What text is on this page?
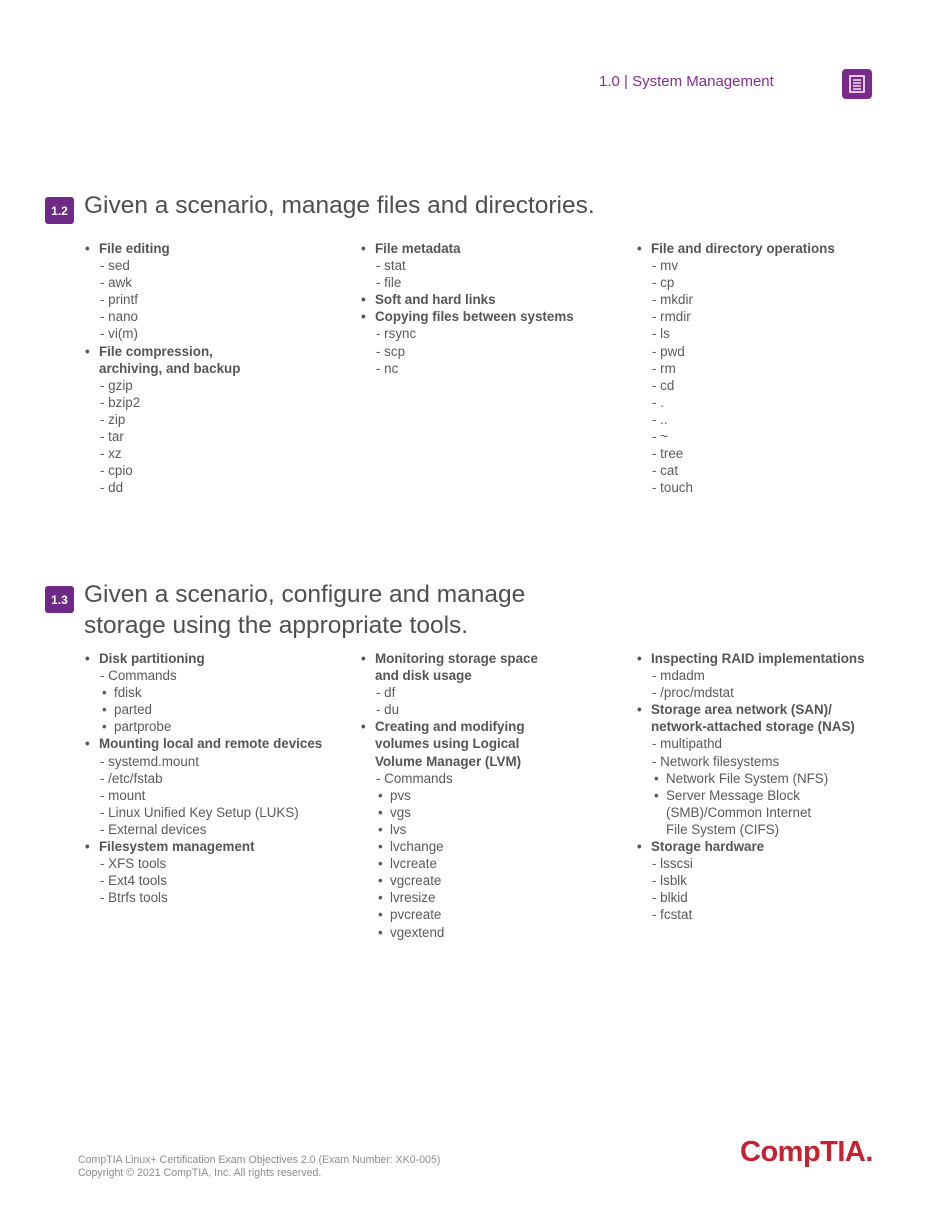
1.0 | System Management
1.2 Given a scenario, manage files and directories.
• File editing
- sed
- awk
- printf
- nano
- vi(m)
• File compression,
archiving, and backup
- gzip
- bzip2
- zip
- tar
- xz
- cpio
- dd
• File metadata
- stat
- file
• Soft and hard links
• Copying files between systems
- rsync
- scp
- nc
• File and directory operations
- mv
- cp
- mkdir
- rmdir
- ls
- pwd
- rm
- cd
- .
- ..
- ~
- tree
- cat
- touch
1.3 Given a scenario, configure and manage
storage using the appropriate tools.
• Disk partitioning
- Commands
• fdisk
• parted
• partprobe
• Mounting local and remote devices
- systemd.mount
- /etc/fstab
- mount
- Linux Unified Key Setup (LUKS)
- External devices
• Filesystem management
- XFS tools
- Ext4 tools
- Btrfs tools
• Monitoring storage space
and disk usage
- df
- du
• Creating and modifying
volumes using Logical
Volume Manager (LVM)
- Commands
• pvs
• vgs
• lvs
• lvchange
• lvcreate
• vgcreate
• lvresize
• pvcreate
• vgextend
• Inspecting RAID implementations
- mdadm
- /proc/mdstat
• Storage area network (SAN)/
network-attached storage (NAS)
- multipathd
- Network filesystems
• Network File System (NFS)
• Server Message Block
(SMB)/Common Internet
File System (CIFS)
• Storage hardware
- lsscsi
- lsblk
- blkid
- fcstat
CompTIA Linux+ Certification Exam Objectives 2.0 (Exam Number: XK0-005)
Copyright © 2021 CompTIA, Inc. All rights reserved.
CompTIA.
